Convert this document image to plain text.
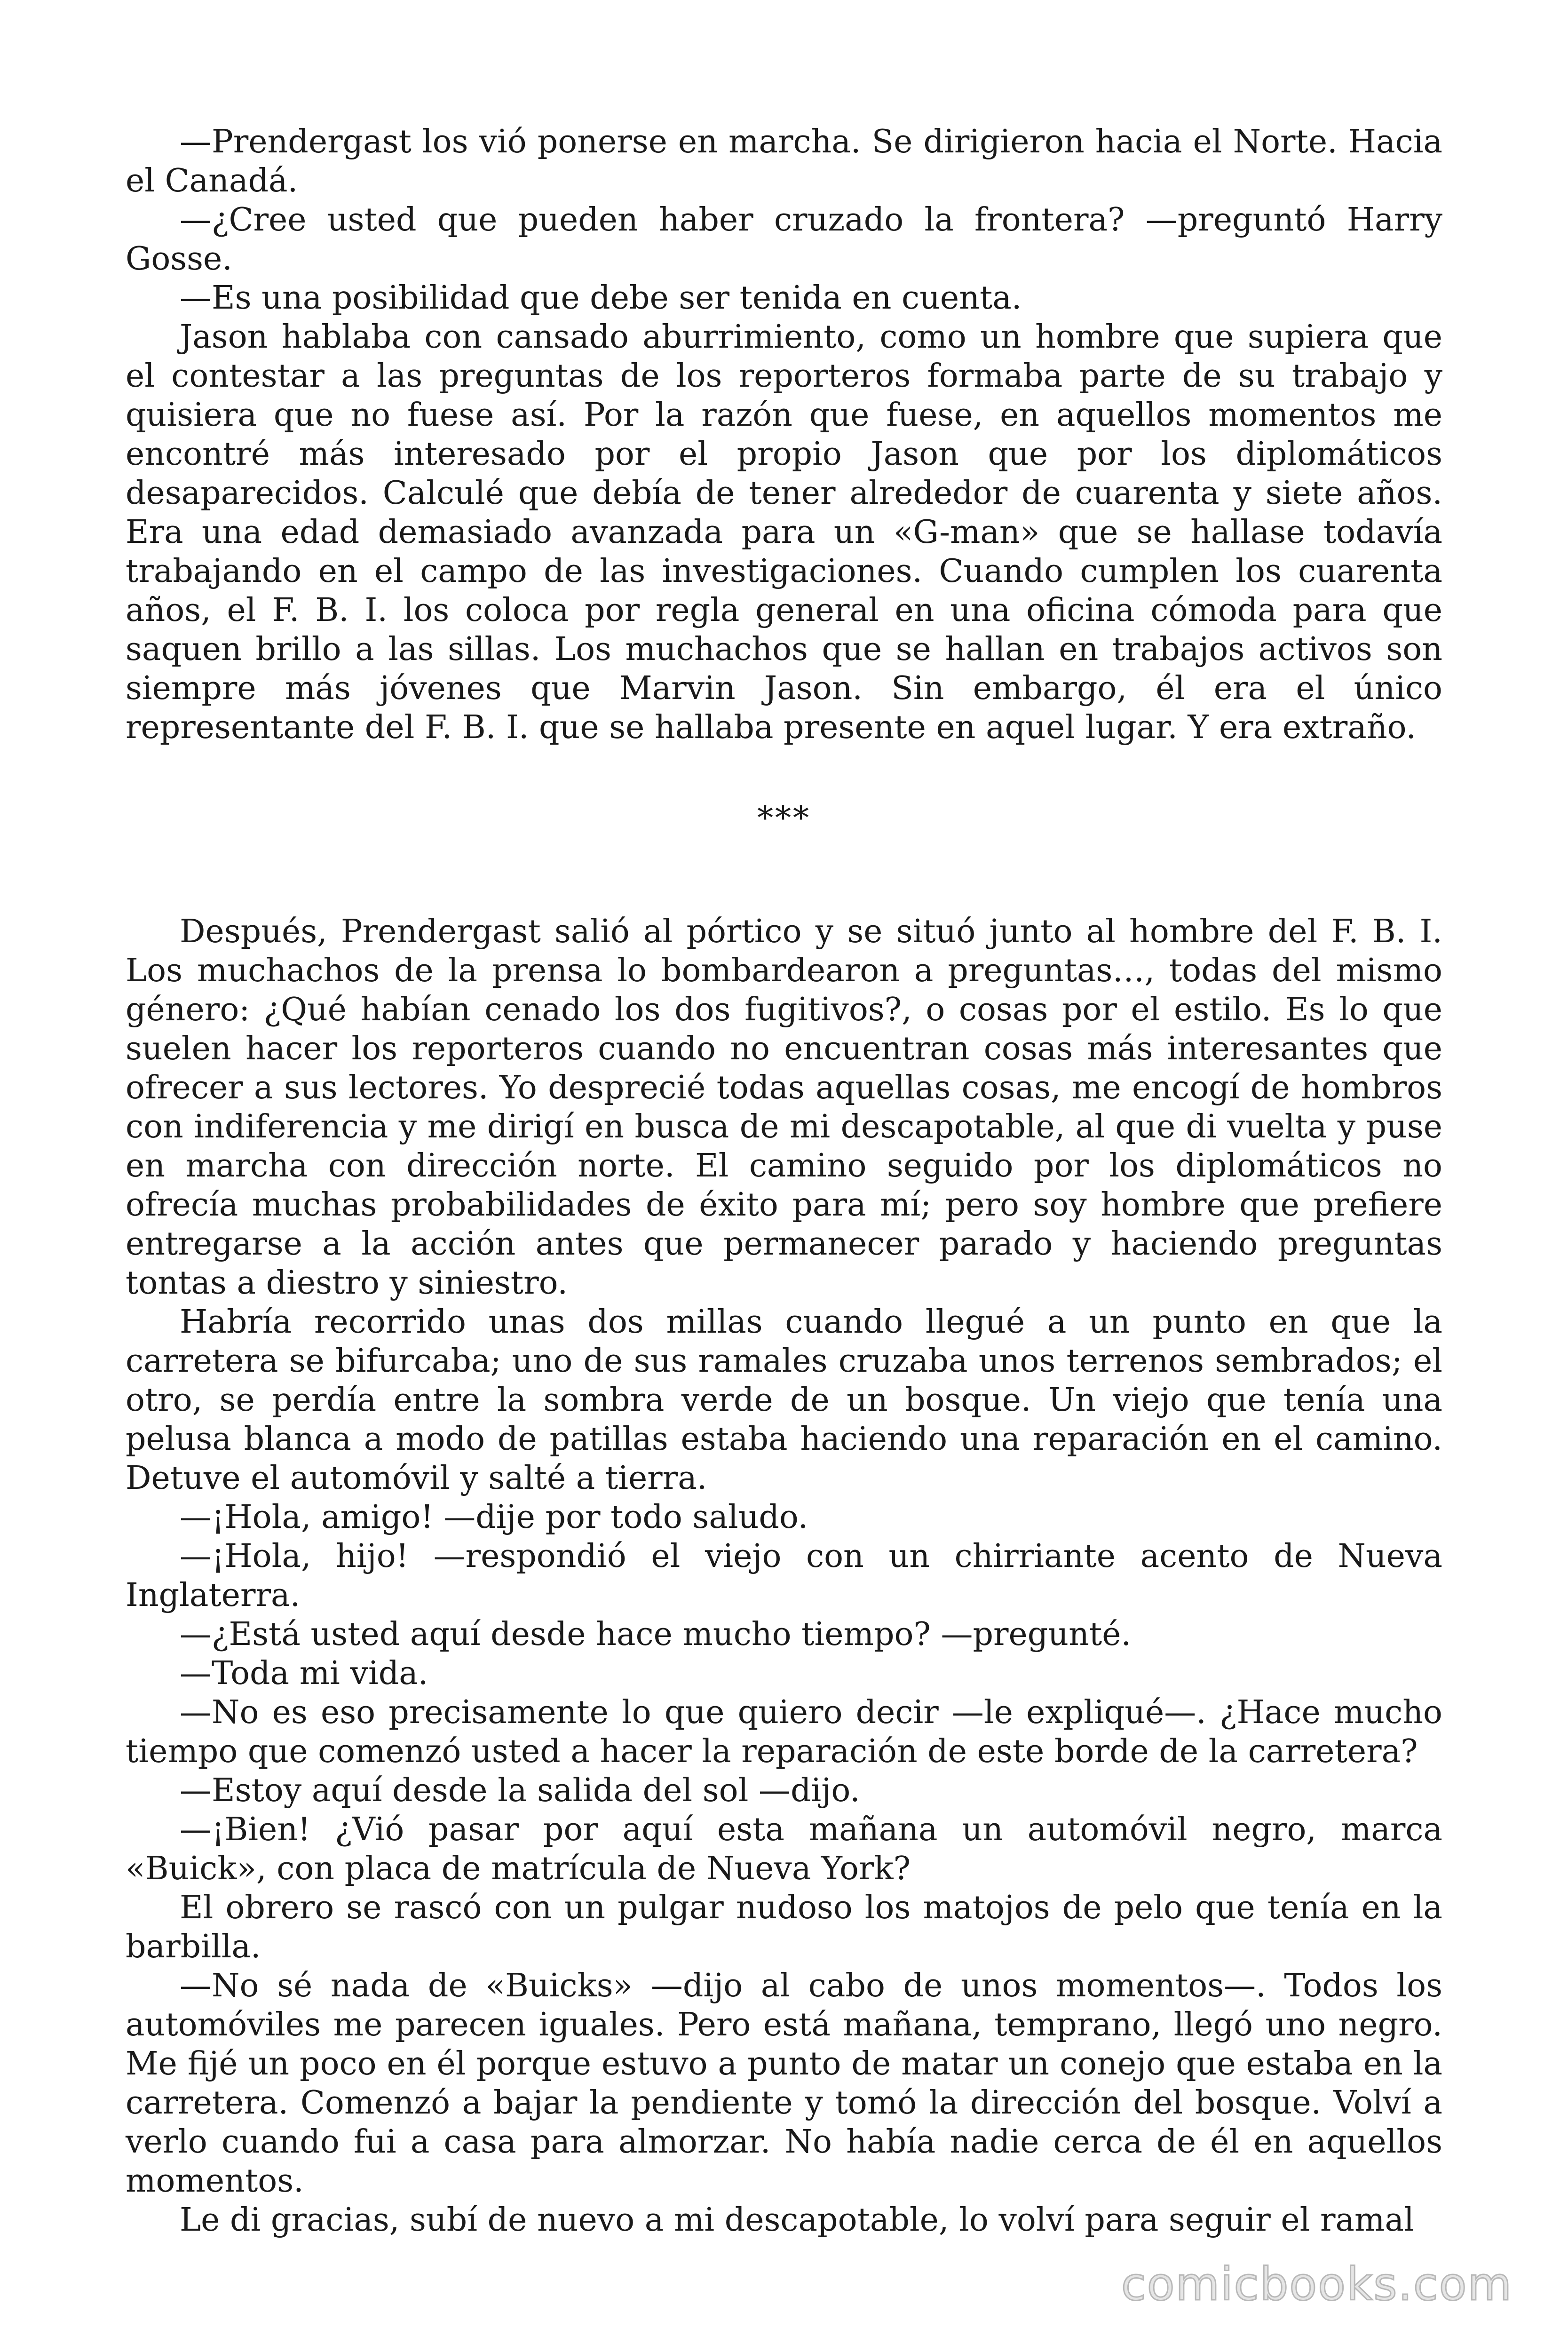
—Prendergast los vió ponerse en marcha. Se dirigieron hacia el Norte. Hacia el Canadá.

—¿Cree usted que pueden haber cruzado la frontera? —preguntó Harry Gosse.

—Es una posibilidad que debe ser tenida en cuenta.

Jason hablaba con cansado aburrimiento, como un hombre que supiera que el contestar a las preguntas de los reporteros formaba parte de su trabajo y quisiera que no fuese así. Por la razón que fuese, en aquellos momentos me encontré más interesado por el propio Jason que por los diplomáticos desaparecidos. Calculé que debía de tener alrededor de cuarenta y siete años. Era una edad demasiado avanzada para un «G-man» que se hallase todavía trabajando en el campo de las investigaciones. Cuando cumplen los cuarenta años, el F. B. I. los coloca por regla general en una oficina cómoda para que saquen brillo a las sillas. Los muchachos que se hallan en trabajos activos son siempre más jóvenes que Marvin Jason. Sin embargo, él era el único representante del F. B. I. que se hallaba presente en aquel lugar. Y era extraño.

***

Después, Prendergast salió al pórtico y se situó junto al hombre del F. B. I. Los muchachos de la prensa lo bombardearon a preguntas…, todas del mismo género: ¿Qué habían cenado los dos fugitivos?, o cosas por el estilo. Es lo que suelen hacer los reporteros cuando no encuentran cosas más interesantes que ofrecer a sus lectores. Yo desprecié todas aquellas cosas, me encogí de hombros con indiferencia y me dirigí en busca de mi descapotable, al que di vuelta y puse en marcha con dirección norte. El camino seguido por los diplomáticos no ofrecía muchas probabilidades de éxito para mí; pero soy hombre que prefiere entregarse a la acción antes que permanecer parado y haciendo preguntas tontas a diestro y siniestro.

Habría recorrido unas dos millas cuando llegué a un punto en que la carretera se bifurcaba; uno de sus ramales cruzaba unos terrenos sembrados; el otro, se perdía entre la sombra verde de un bosque. Un viejo que tenía una pelusa blanca a modo de patillas estaba haciendo una reparación en el camino. Detuve el automóvil y salté a tierra.

—¡Hola, amigo! —dije por todo saludo.

—¡Hola, hijo! —respondió el viejo con un chirriante acento de Nueva Inglaterra.

—¿Está usted aquí desde hace mucho tiempo? —pregunté.

—Toda mi vida.

—No es eso precisamente lo que quiero decir —le expliqué—. ¿Hace mucho tiempo que comenzó usted a hacer la reparación de este borde de la carretera?

—Estoy aquí desde la salida del sol —dijo.

—¡Bien! ¿Vió pasar por aquí esta mañana un automóvil negro, marca «Buick», con placa de matrícula de Nueva York?

El obrero se rascó con un pulgar nudoso los matojos de pelo que tenía en la barbilla.

—No sé nada de «Buicks» —dijo al cabo de unos momentos—. Todos los automóviles me parecen iguales. Pero está mañana, temprano, llegó uno negro. Me fijé un poco en él porque estuvo a punto de matar un conejo que estaba en la carretera. Comenzó a bajar la pendiente y tomó la dirección del bosque. Volví a verlo cuando fui a casa para almorzar. No había nadie cerca de él en aquellos momentos.

Le di gracias, subí de nuevo a mi descapotable, lo volví para seguir el ramal

comicbooks.com
